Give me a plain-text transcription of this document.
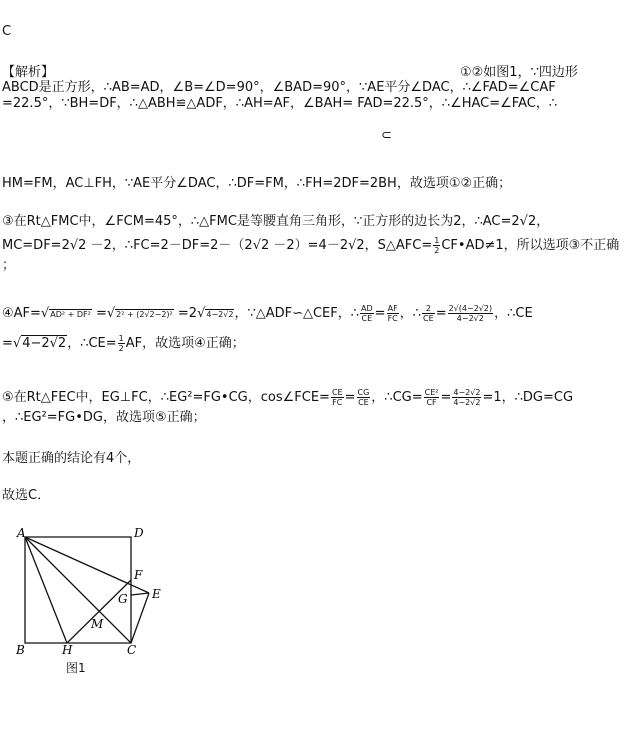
C
【解析】	①②如图1，∵四边形
ABCD是正方形，∴AB=AD，∠B=∠D=90°，∠BAD=90°，∵AE平分∠DAC，∴∠FAD=∠CAF
=22.5°，∵BH=DF，∴△ABH≌△ADF，∴AH=AF，∠BAH= FAD=22.5°，∴∠HAC=∠FAC，∴
⊂
HM=FM，AC⊥FH，∵AE平分∠DAC，∴DF=FM，∴FH=2DF=2BH，故选项①②正确；
③在Rt△FMC中，∠FCM=45°，∴△FMC是等腰直角三角形，∵正方形的边长为2，∴AC=2√2，
MC=DF=2√2 －2，∴FC=2－DF=2－（2√2 －2）=4－2√2，S△AFC= $\frac{1}{2}$ CF•AD≠1，所以选项③不正确
；
④AF=√AD² + DF² =√2² + (2√2−2)² =2√4−2√2，∵△ADF∽△CEF，∴ $\frac{AD}{CE} = \frac{AF}{FC}$ ，∴ $\frac{2}{CE} = \frac{2√(4-2√2)}{4-2√2}$ ，∴CE
=√4−2√2，∴CE= $\frac{1}{2}$ AF，故选项④正确；
⑤在Rt△FEC中，EG⊥FC，∴EG²=FG•CG，cos∠FCE= $\frac{CE}{FC} = \frac{CG}{CE}$ ，∴CG= $\frac{\text{CE²}}{CF} = \frac{4-2√2}{4-2√2} =1$，∴DG=CG
，∴EG²=FG•DG，故选项⑤正确；
本题正确的结论有4个，
故选C．
A	D
F
E
G
M
B	H	C
图1
